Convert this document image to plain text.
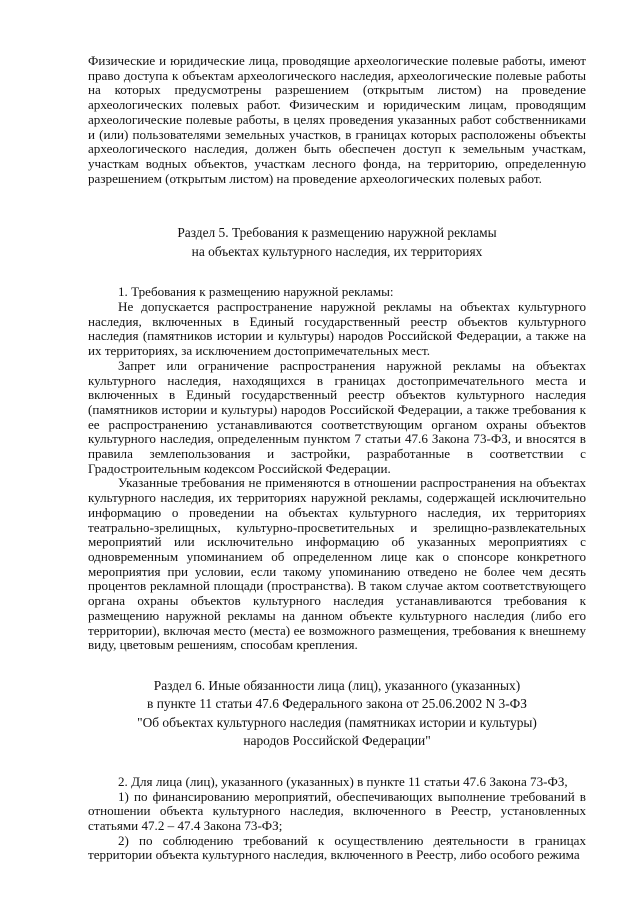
Физические и юридические лица, проводящие археологические полевые работы, имеют право доступа к объектам археологического наследия, археологические полевые работы на которых предусмотрены разрешением (открытым листом) на проведение археологических полевых работ. Физическим и юридическим лицам, проводящим археологические полевые работы, в целях проведения указанных работ собственниками и (или) пользователями земельных участков, в границах которых расположены объекты археологического наследия, должен быть обеспечен доступ к земельным участкам, участкам водных объектов, участкам лесного фонда, на территорию, определенную разрешением (открытым листом) на проведение археологических полевых работ.

Раздел 5. Требования к размещению наружной рекламы
на объектах культурного наследия, их территориях

1. Требования к размещению наружной рекламы:

Не допускается распространение наружной рекламы на объектах культурного наследия, включенных в Единый государственный реестр объектов культурного наследия (памятников истории и культуры) народов Российской Федерации, а также на их территориях, за исключением достопримечательных мест.

Запрет или ограничение распространения наружной рекламы на объектах культурного наследия, находящихся в границах достопримечательного места и включенных в Единый государственный реестр объектов культурного наследия (памятников истории и культуры) народов Российской Федерации, а также требования к ее распространению устанавливаются соответствующим органом охраны объектов культурного наследия, определенным пунктом 7 статьи 47.6 Закона 73-ФЗ, и вносятся в правила землепользования и застройки, разработанные в соответствии с Градостроительным кодексом Российской Федерации.

Указанные требования не применяются в отношении распространения на объектах культурного наследия, их территориях наружной рекламы, содержащей исключительно информацию о проведении на объектах культурного наследия, их территориях театрально-зрелищных, культурно-просветительных и зрелищно-развлекательных мероприятий или исключительно информацию об указанных мероприятиях с одновременным упоминанием об определенном лице как о спонсоре конкретного мероприятия при условии, если такому упоминанию отведено не более чем десять процентов рекламной площади (пространства). В таком случае актом соответствующего органа охраны объектов культурного наследия устанавливаются требования к размещению наружной рекламы на данном объекте культурного наследия (либо его территории), включая место (места) ее возможного размещения, требования к внешнему виду, цветовым решениям, способам крепления.

Раздел 6. Иные обязанности лица (лиц), указанного (указанных)
в пункте 11 статьи 47.6 Федерального закона от 25.06.2002 N 3-ФЗ
"Об объектах культурного наследия (памятниках истории и культуры)
народов Российской Федерации"

2. Для лица (лиц), указанного (указанных) в пункте 11 статьи 47.6 Закона 73-ФЗ,

1) по финансированию мероприятий, обеспечивающих выполнение требований в отношении объекта культурного наследия, включенного в Реестр, установленных статьями 47.2 – 47.4 Закона 73-ФЗ;

2) по соблюдению требований к осуществлению деятельности в границах территории объекта культурного наследия, включенного в Реестр, либо особого режима
